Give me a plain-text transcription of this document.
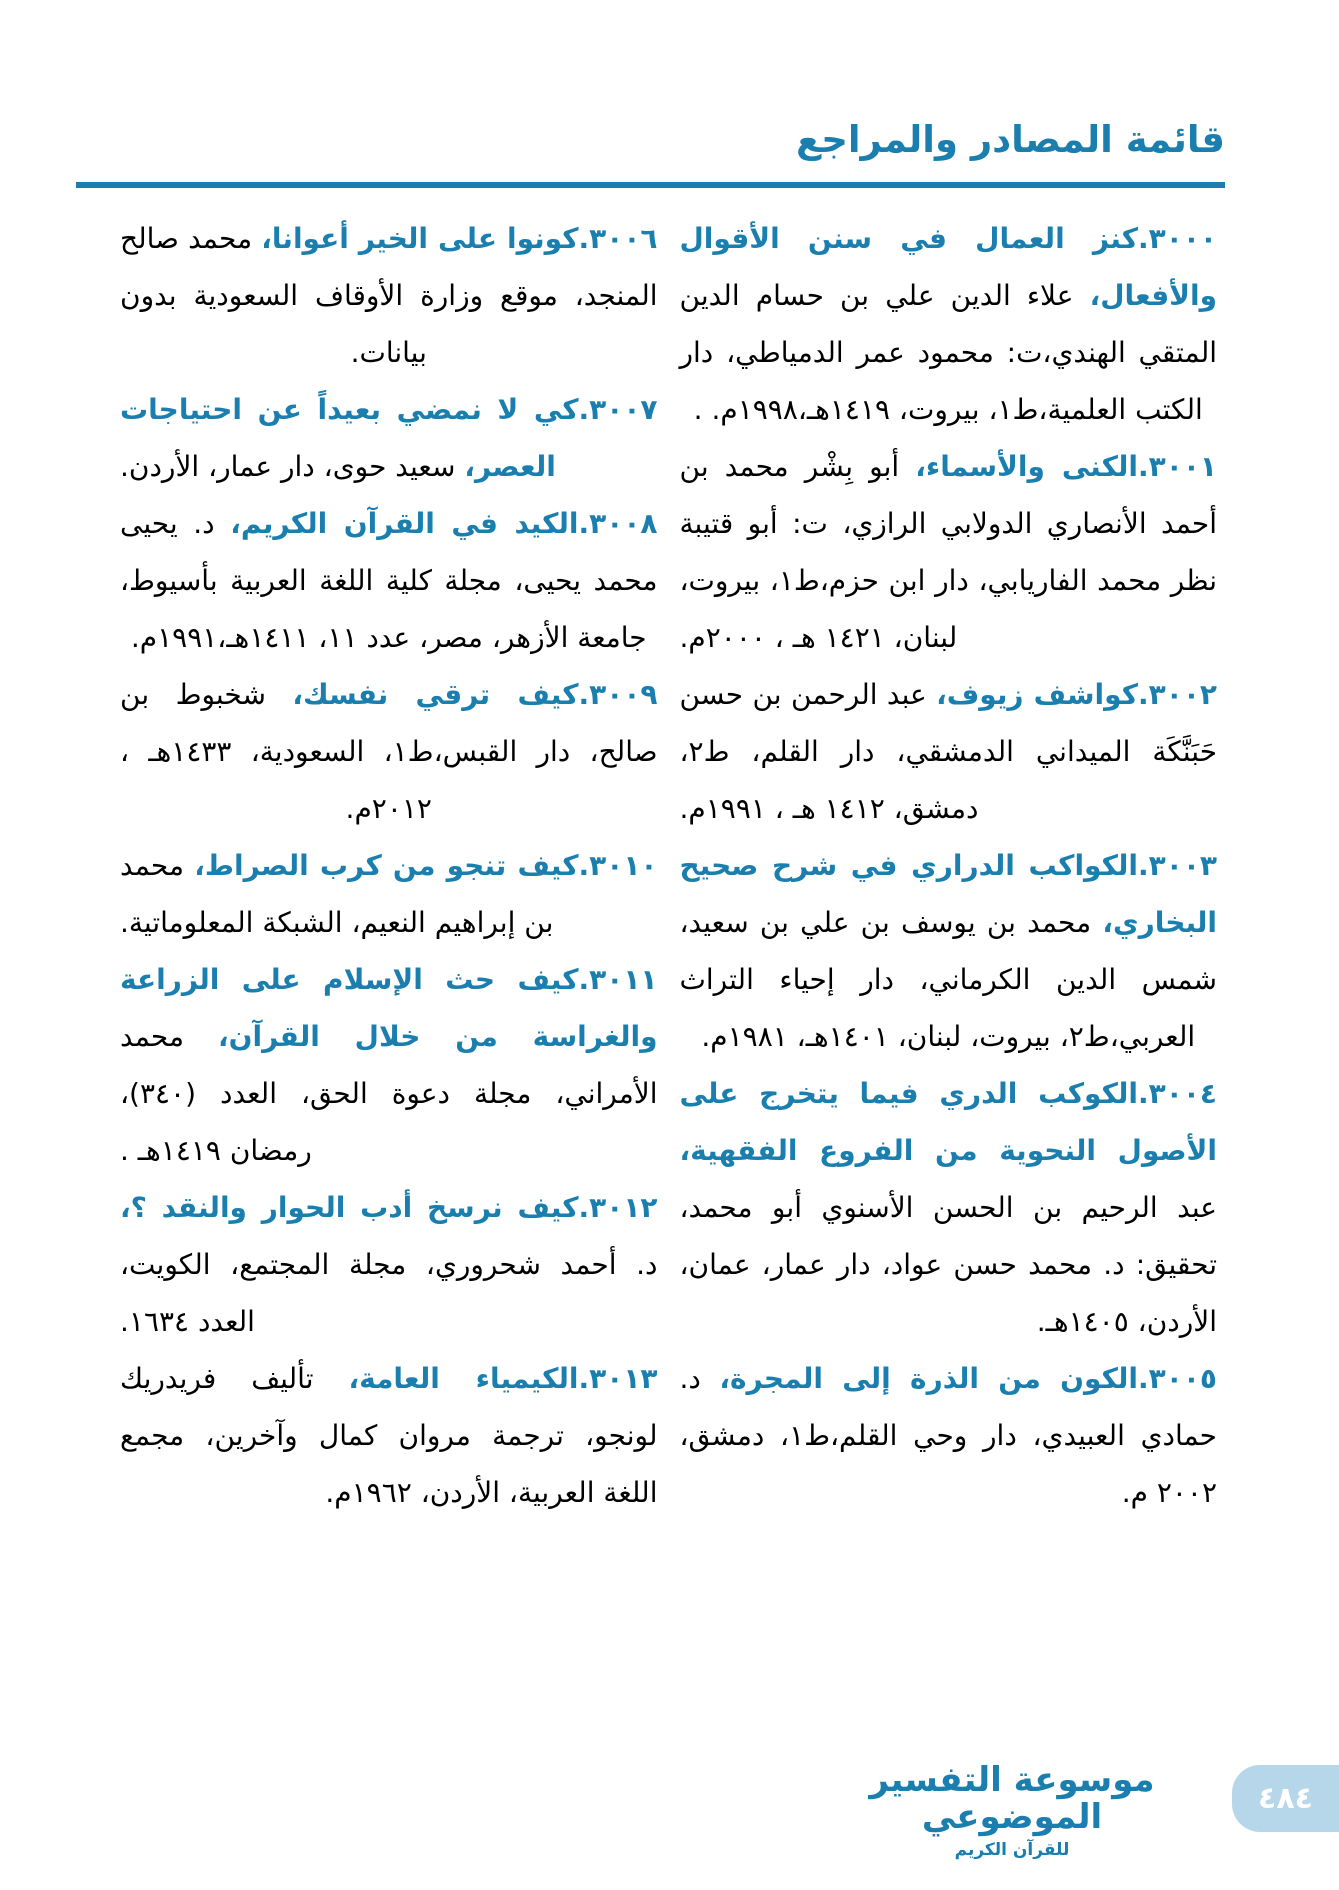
قائمة المصادر والمراجع

٣٠٠٠.كنز العمال في سنن الأقوال والأفعال، علاء الدين علي بن حسام الدين المتقي الهندي،ت: محمود عمر الدمياطي، دار الكتب العلمية،ط١، بيروت، ١٤١٩هـ،١٩٩٨م. .

٣٠٠١.الكنى والأسماء، أبو بِشْر محمد بن أحمد الأنصاري الدولابي الرازي، ت: أبو قتيبة نظر محمد الفاريابي، دار ابن حزم،ط١، بيروت، لبنان، ١٤٢١ هـ ، ٢٠٠٠م.

٣٠٠٢.كواشف زيوف، عبد الرحمن بن حسن حَبَنَّكَة الميداني الدمشقي، دار القلم، ط٢، دمشق، ١٤١٢ هـ ، ١٩٩١م.

٣٠٠٣.الكواكب الدراري في شرح صحيح البخاري، محمد بن يوسف بن علي بن سعيد، شمس الدين الكرماني، دار إحياء التراث العربي،ط٢، بيروت، لبنان، ١٤٠١هـ، ١٩٨١م.

٣٠٠٤.الكوكب الدري فيما يتخرج على الأصول النحوية من الفروع الفقهية، عبد الرحيم بن الحسن الأسنوي أبو محمد، تحقيق: د. محمد حسن عواد، دار عمار، عمان، الأردن، ١٤٠٥هـ.

٣٠٠٥.الكون من الذرة إلى المجرة، د. حمادي العبيدي، دار وحي القلم،ط١، دمشق، ٢٠٠٢ م.

٣٠٠٦.كونوا على الخير أعوانا، محمد صالح المنجد، موقع وزارة الأوقاف السعودية بدون بيانات.

٣٠٠٧.كي لا نمضي بعيداً عن احتياجات العصر، سعيد حوى، دار عمار، الأردن.

٣٠٠٨.الكيد في القرآن الكريم، د. يحيى محمد يحيى، مجلة كلية اللغة العربية بأسيوط، جامعة الأزهر، مصر، عدد ١١، ١٤١١هـ،١٩٩١م.

٣٠٠٩.كيف ترقي نفسك، شخبوط بن صالح، دار القبس،ط١، السعودية، ١٤٣٣هـ ، ٢٠١٢م.

٣٠١٠.كيف تنجو من كرب الصراط، محمد بن إبراهيم النعيم، الشبكة المعلوماتية.

٣٠١١.كيف حث الإسلام على الزراعة والغراسة من خلال القرآن، محمد الأمراني، مجلة دعوة الحق، العدد (٣٤٠)، رمضان ١٤١٩هـ .

٣٠١٢.كيف نرسخ أدب الحوار والنقد ؟، د. أحمد شحروري، مجلة المجتمع، الكويت، العدد ١٦٣٤.

٣٠١٣.الكيمياء العامة، تأليف فريدريك لونجو، ترجمة مروان كمال وآخرين، مجمع اللغة العربية، الأردن، ١٩٦٢م.

موسوعة التفسير الموضوعي
للقرآن الكريم
٤٨٤
